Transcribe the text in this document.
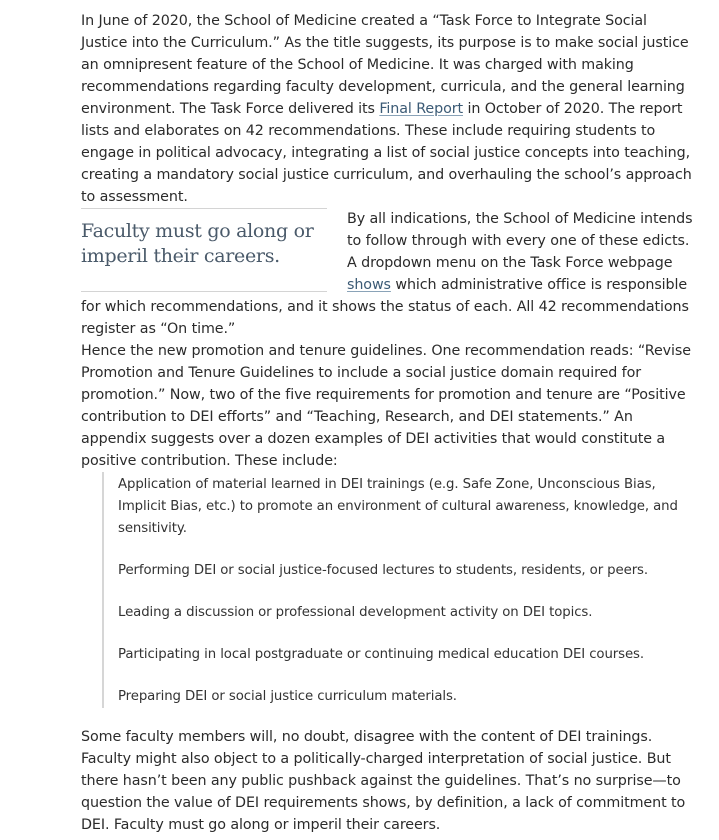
In June of 2020, the School of Medicine created a “Task Force to Integrate Social Justice into the Curriculum.” As the title suggests, its purpose is to make social justice an omnipresent feature of the School of Medicine. It was charged with making recommendations regarding faculty development, curricula, and the general learning environment. The Task Force delivered its Final Report in October of 2020. The report lists and elaborates on 42 recommendations. These include requiring students to engage in political advocacy, integrating a list of social justice concepts into teaching, creating a mandatory social justice curriculum, and overhauling the school’s approach to assessment.

Faculty must go along or imperil their careers.

By all indications, the School of Medicine intends to follow through with every one of these edicts. A dropdown menu on the Task Force webpage shows which administrative office is responsible for which recommendations, and it shows the status of each. All 42 recommendations register as “On time.”

Hence the new promotion and tenure guidelines. One recommendation reads: “Revise Promotion and Tenure Guidelines to include a social justice domain required for promotion.” Now, two of the five requirements for promotion and tenure are “Positive contribution to DEI efforts” and “Teaching, Research, and DEI statements.” An appendix suggests over a dozen examples of DEI activities that would constitute a positive contribution. These include:

Application of material learned in DEI trainings (e.g. Safe Zone, Unconscious Bias, Implicit Bias, etc.) to promote an environment of cultural awareness, knowledge, and sensitivity.

Performing DEI or social justice-focused lectures to students, residents, or peers.

Leading a discussion or professional development activity on DEI topics.

Participating in local postgraduate or continuing medical education DEI courses.

Preparing DEI or social justice curriculum materials.

Some faculty members will, no doubt, disagree with the content of DEI trainings. Faculty might also object to a politically-charged interpretation of social justice. But there hasn’t been any public pushback against the guidelines. That’s no surprise—to question the value of DEI requirements shows, by definition, a lack of commitment to DEI. Faculty must go along or imperil their careers.
